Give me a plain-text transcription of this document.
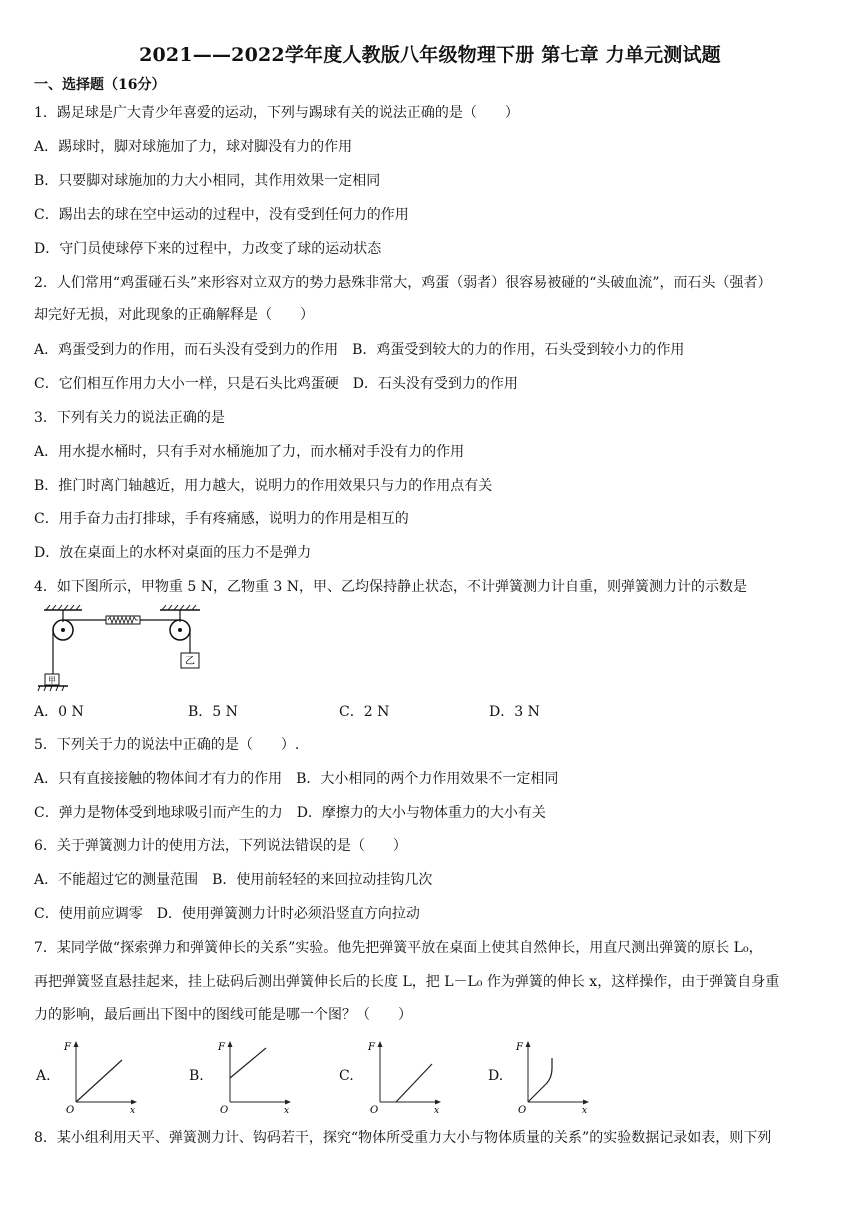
2021——2022学年度人教版八年级物理下册 第七章 力单元测试题
一、选择题（16分）
1．踢足球是广大青少年喜爱的运动，下列与踢球有关的说法正确的是（　　）
A．踢球时，脚对球施加了力，球对脚没有力的作用
B．只要脚对球施加的力大小相同，其作用效果一定相同
C．踢出去的球在空中运动的过程中，没有受到任何力的作用
D．守门员使球停下来的过程中，力改变了球的运动状态
2．人们常用“鸡蛋碰石头”来形容对立双方的势力悬殊非常大，鸡蛋（弱者）很容易被碰的“头破血流”，而石头（强者）
却完好无损，对此现象的正确解释是（　　）
A．鸡蛋受到力的作用，而石头没有受到力的作用　B．鸡蛋受到较大的力的作用，石头受到较小力的作用
C．它们相互作用力大小一样，只是石头比鸡蛋硬　D．石头没有受到力的作用
3．下列有关力的说法正确的是
A．用水提水桶时，只有手对水桶施加了力，而水桶对手没有力的作用
B．推门时离门轴越近，用力越大，说明力的作用效果只与力的作用点有关
C．用手奋力击打排球，手有疼痛感，说明力的作用是相互的
D．放在桌面上的水杯对桌面的压力不是弹力
4．如下图所示，甲物重 5 N，乙物重 3 N，甲、乙均保持静止状态，不计弹簧测力计自重，则弹簧测力计的示数是
甲
乙
A．0 N	B．5 N	C．2 N	D．3 N
5．下列关于力的说法中正确的是（　　）.
A．只有直接接触的物体间才有力的作用　B．大小相同的两个力作用效果不一定相同
C．弹力是物体受到地球吸引而产生的力　D．摩擦力的大小与物体重力的大小有关
6．关于弹簧测力计的使用方法，下列说法错误的是（　　）
A．不能超过它的测量范围　B．使用前轻轻的来回拉动挂钩几次
C．使用前应调零　D．使用弹簧测力计时必须沿竖直方向拉动
7．某同学做“探索弹力和弹簧伸长的关系”实验。他先把弹簧平放在桌面上使其自然伸长，用直尺测出弹簧的原长 L₀，
再把弹簧竖直悬挂起来，挂上砝码后测出弹簧伸长后的长度 L，把 L－L₀ 作为弹簧的伸长 x，这样操作，由于弹簧自身重
力的影响，最后画出下图中的图线可能是哪一个图？（　　）
A.
F
O	x
B.
F
O	x
C.
F
O	x
D.
F
O	x
8．某小组利用天平、弹簧测力计、钩码若干，探究“物体所受重力大小与物体质量的关系”的实验数据记录如表，则下列
